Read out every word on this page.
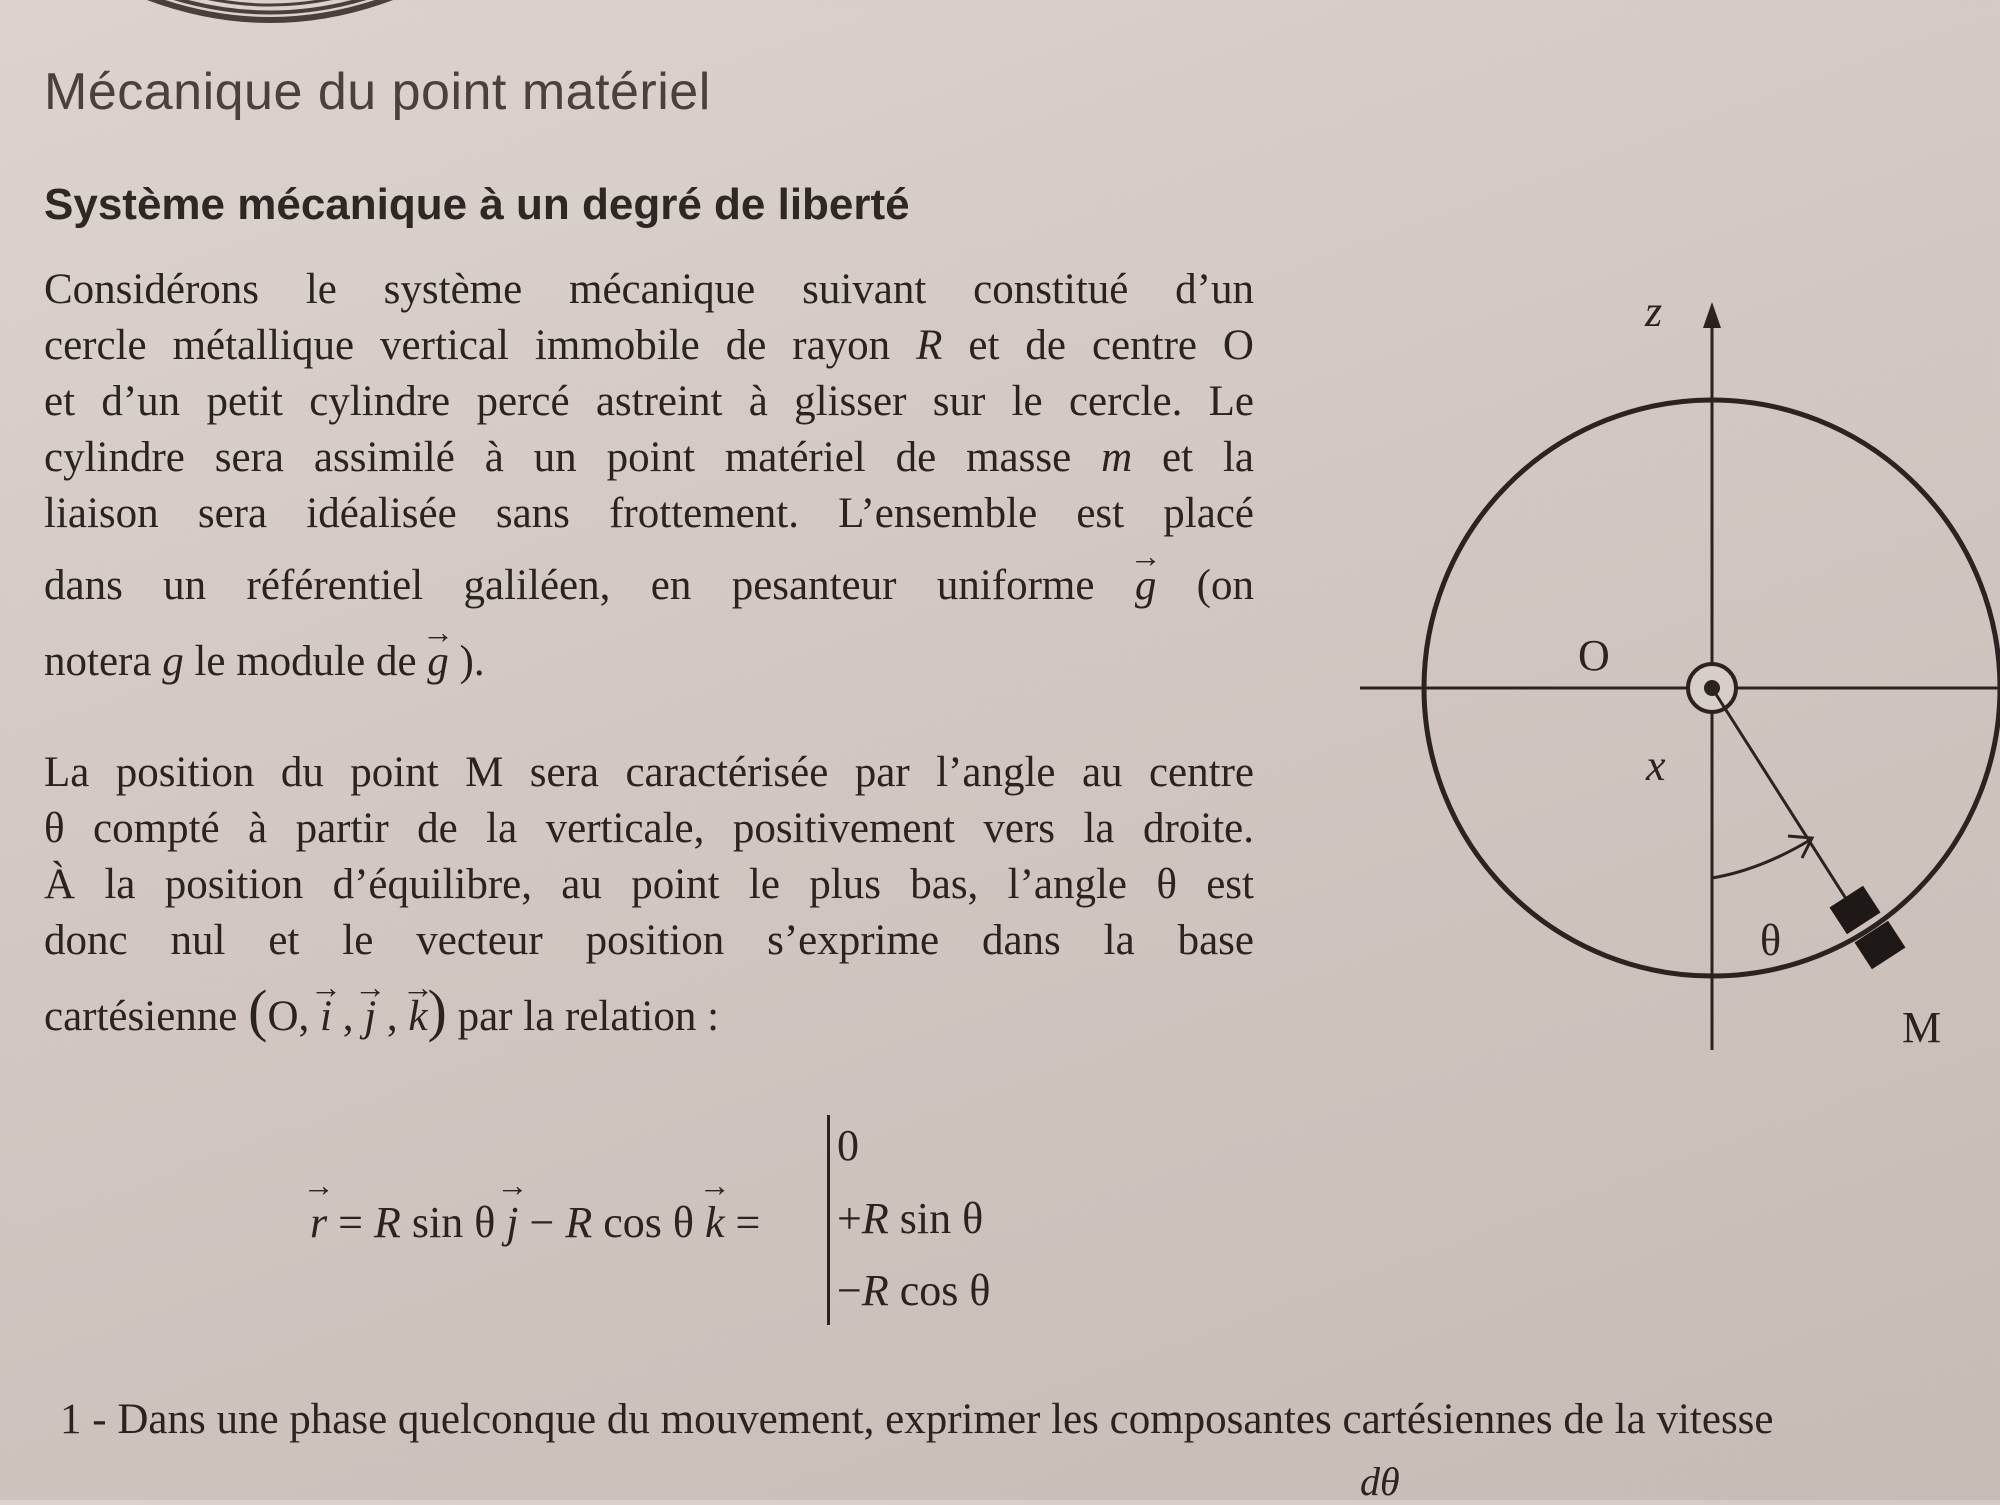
Mécanique du point matériel
Système mécanique à un degré de liberté
Considérons le système mécanique suivant constitué d’un
cercle métallique vertical immobile de rayon R et de centre O
et d’un petit cylindre percé astreint à glisser sur le cercle. Le
cylindre sera assimilé à un point matériel de masse m et la
liaison sera idéalisée sans frottement. L’ensemble est placé
dans un référentiel galiléen, en pesanteur uniforme → g (on
notera g le module de → g ).
La position du point M sera caractérisée par l’angle au centre
θ compté à partir de la verticale, positivement vers la droite.
À la position d’équilibre, au point le plus bas, l’angle θ est
donc nul et le vecteur position s’exprime dans la base
cartésienne (O, → i , → j , → k) par la relation :
→ r = R sin θ → j − R cos θ → k =
0
+R sin θ
−R cos θ
1 - Dans une phase quelconque du mouvement, exprimer les composantes cartésiennes de la vitesse
dθ
z
O
x
θ
M
